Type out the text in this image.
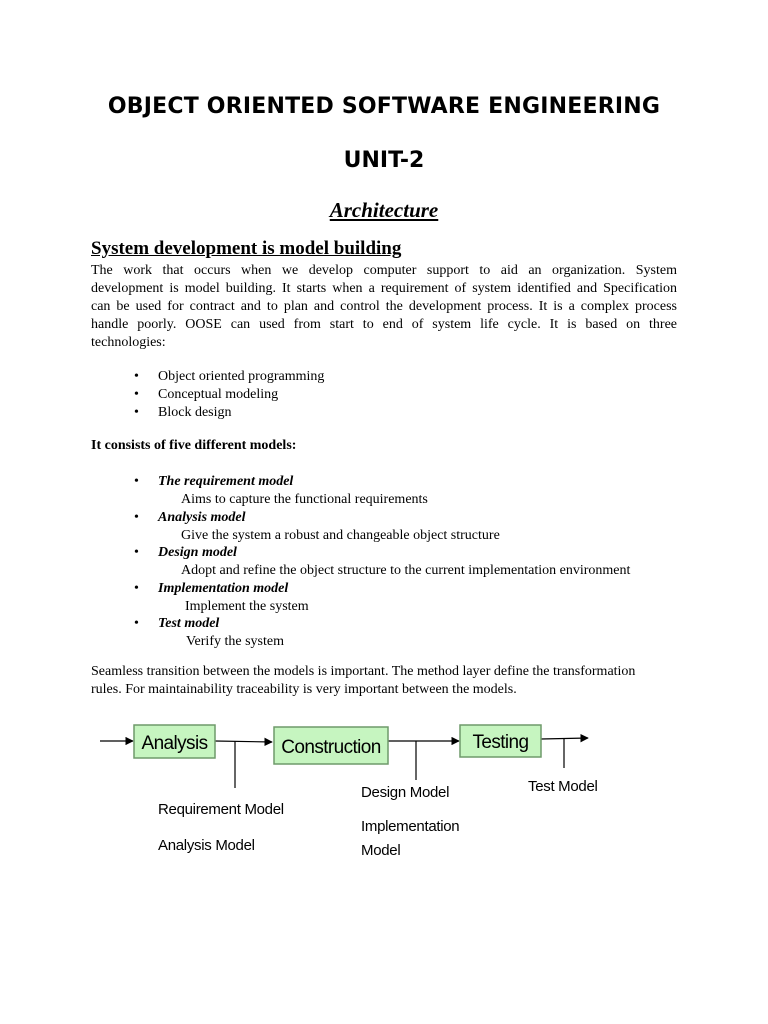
OBJECT ORIENTED SOFTWARE ENGINEERING
UNIT-2
Architecture
System development is model building
The work that occurs when we develop computer support to aid an organization. System
development is model building. It starts when a requirement of system identified and Specification
can be used for contract and to plan and control the development process. It is a complex process
handle poorly. OOSE can used from start to end of system life cycle. It is based on three
technologies:
• Object oriented programming
• Conceptual modeling
• Block design
It consists of five different models:
• The requirement model
Aims to capture the functional requirements
• Analysis model
Give the system a robust and changeable object structure
• Design model
Adopt and refine the object structure to the current implementation environment
• Implementation model
Implement the system
• Test model
Verify the system
Seamless transition between the models is important. The method layer define the transformation
rules. For maintainability traceability is very important between the models.
Analysis	Construction	Testing
Requirement Model
Analysis Model
Design Model
Implementation
Model
Test Model
